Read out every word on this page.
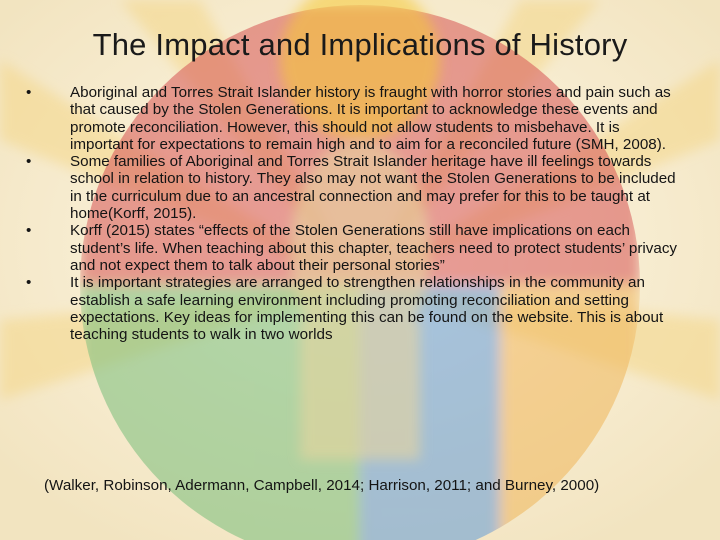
The Impact and Implications of History
•	Aboriginal and Torres Strait Islander history is fraught with horror stories and pain such as that caused by the Stolen Generations. It is important to acknowledge these events and promote reconciliation. However, this should not allow students to misbehave. It is important for expectations to remain high and to aim for a reconciled future (SMH, 2008).
•	Some families of Aboriginal and Torres Strait Islander heritage have ill feelings towards school in relation to history. They also may not want the Stolen Generations to be included in the curriculum due to an ancestral connection and may prefer for this to be taught at home(Korff, 2015).
•	Korff (2015) states “effects of the Stolen Generations still have implications on each student’s life. When teaching about this chapter, teachers need to protect students’ privacy and not expect them to talk about their personal stories”
•	It is important strategies are arranged to strengthen relationships in the community an establish a safe learning environment including promoting reconciliation and setting expectations. Key ideas for implementing this can be found on the website. This is about teaching students to walk in two worlds
(Walker, Robinson, Adermann, Campbell, 2014; Harrison, 2011; and Burney, 2000)
